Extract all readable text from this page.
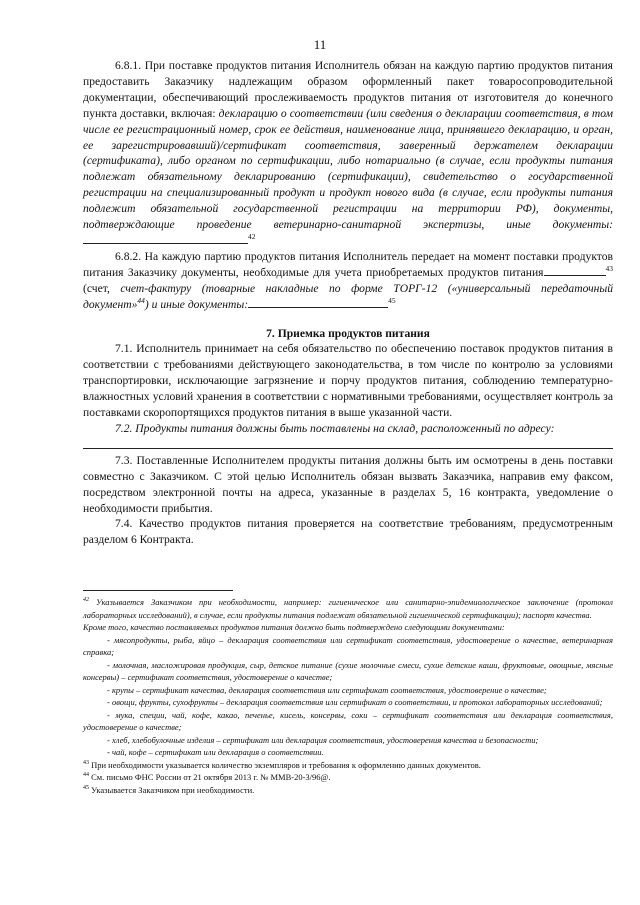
11

6.8.1. При поставке продуктов питания Исполнитель обязан на каждую партию продуктов питания предоставить Заказчику надлежащим образом оформленный пакет товаросопроводительной документации, обеспечивающий прослеживаемость продуктов питания от изготовителя до конечного пункта доставки, включая: декларацию о соответствии (или сведения о декларации соответствия, в том числе ее регистрационный номер, срок ее действия, наименование лица, принявшего декларацию, и орган, ее зарегистрировавший)/сертификат соответствия, заверенный держателем декларации (сертификата), либо органом по сертификации, либо нотариально (в случае, если продукты питания подлежат обязательному декларированию (сертификации), свидетельство о государственной регистрации на специализированный продукт и продукт нового вида (в случае, если продукты питания подлежит обязательной государственной регистрации на территории РФ), документы, подтверждающие проведение ветеринарно-санитарной экспертизы, иные документы:$^{42}$

6.8.2. На каждую партию продуктов питания Исполнитель передает на момент поставки продуктов питания Заказчику документы, необходимые для учета приобретаемых продуктов питания	$^{43}$ (счет, счет-фактуру (товарные накладные по форме ТОРГ-12 («универсальный передаточный документ»$^{44}$) и иные документы:	$^{45}$

7. Приемка продуктов питания

7.1. Исполнитель принимает на себя обязательство по обеспечению поставок продуктов питания в соответствии с требованиями действующего законодательства, в том числе по контролю за условиями транспортировки, исключающие загрязнение и порчу продуктов питания, соблюдению температурно-влажностных условий хранения в соответствии с нормативными требованиями, осуществляет контроль за поставками скоропортящихся продуктов питания в выше указанной части.

7.2. Продукты питания должны быть поставлены на склад, расположенный по адресу:

7.3. Поставленные Исполнителем продукты питания должны быть им осмотрены в день поставки совместно с Заказчиком. С этой целью Исполнитель обязан вызвать Заказчика, направив ему факсом, посредством электронной почты на адреса, указанные в разделах 5, 16 контракта, уведомление о необходимости прибытия.

7.4. Качество продуктов питания проверяется на соответствие требованиям, предусмотренным разделом 6 Контракта.

$^{42}$ Указывается Заказчиком при необходимости, например: гигиеническое или санитарно-эпидемиологическое заключение (протокол лабораторных исследований), в случае, если продукты питания подлежат обязательной гигиенической сертификации); паспорт качества.

Кроме того, качество поставляемых продуктов питания должно быть подтверждено следующими документами:

- мясопродукты, рыба, яйцо – декларация соответствия или сертификат соответствия, удостоверение о качестве, ветеринарная справка;

- молочная, масложировая продукция, сыр, детское питание (сухие молочные смеси, сухие детские каши, фруктовые, овощные, мясные консервы) – сертификат соответствия, удостоверение о качестве;

- крупы – сертификат качества, декларация соответствия или сертификат соответствия, удостоверение о качестве;

- овощи, фрукты, сухофрукты – декларация соответствия или сертификат о соответствии, и протокол лабораторных исследований;

- мука, специи, чай, кофе, какао, печенье, кисель, консервы, соки – сертификат соответствия или декларация соответствия, удостоверение о качестве;

- хлеб, хлебобулочные изделия – сертификат или декларация соответствия, удостоверения качества и безопасности;

- чай, кофе – сертификат или декларация о соответствии.

$^{43}$ При необходимости указывается количество экземпляров и требования к оформлению данных документов.

$^{44}$ См. письмо ФНС России от 21 октября 2013 г. № ММВ-20-3/96@.

$^{45}$ Указывается Заказчиком при необходимости.
